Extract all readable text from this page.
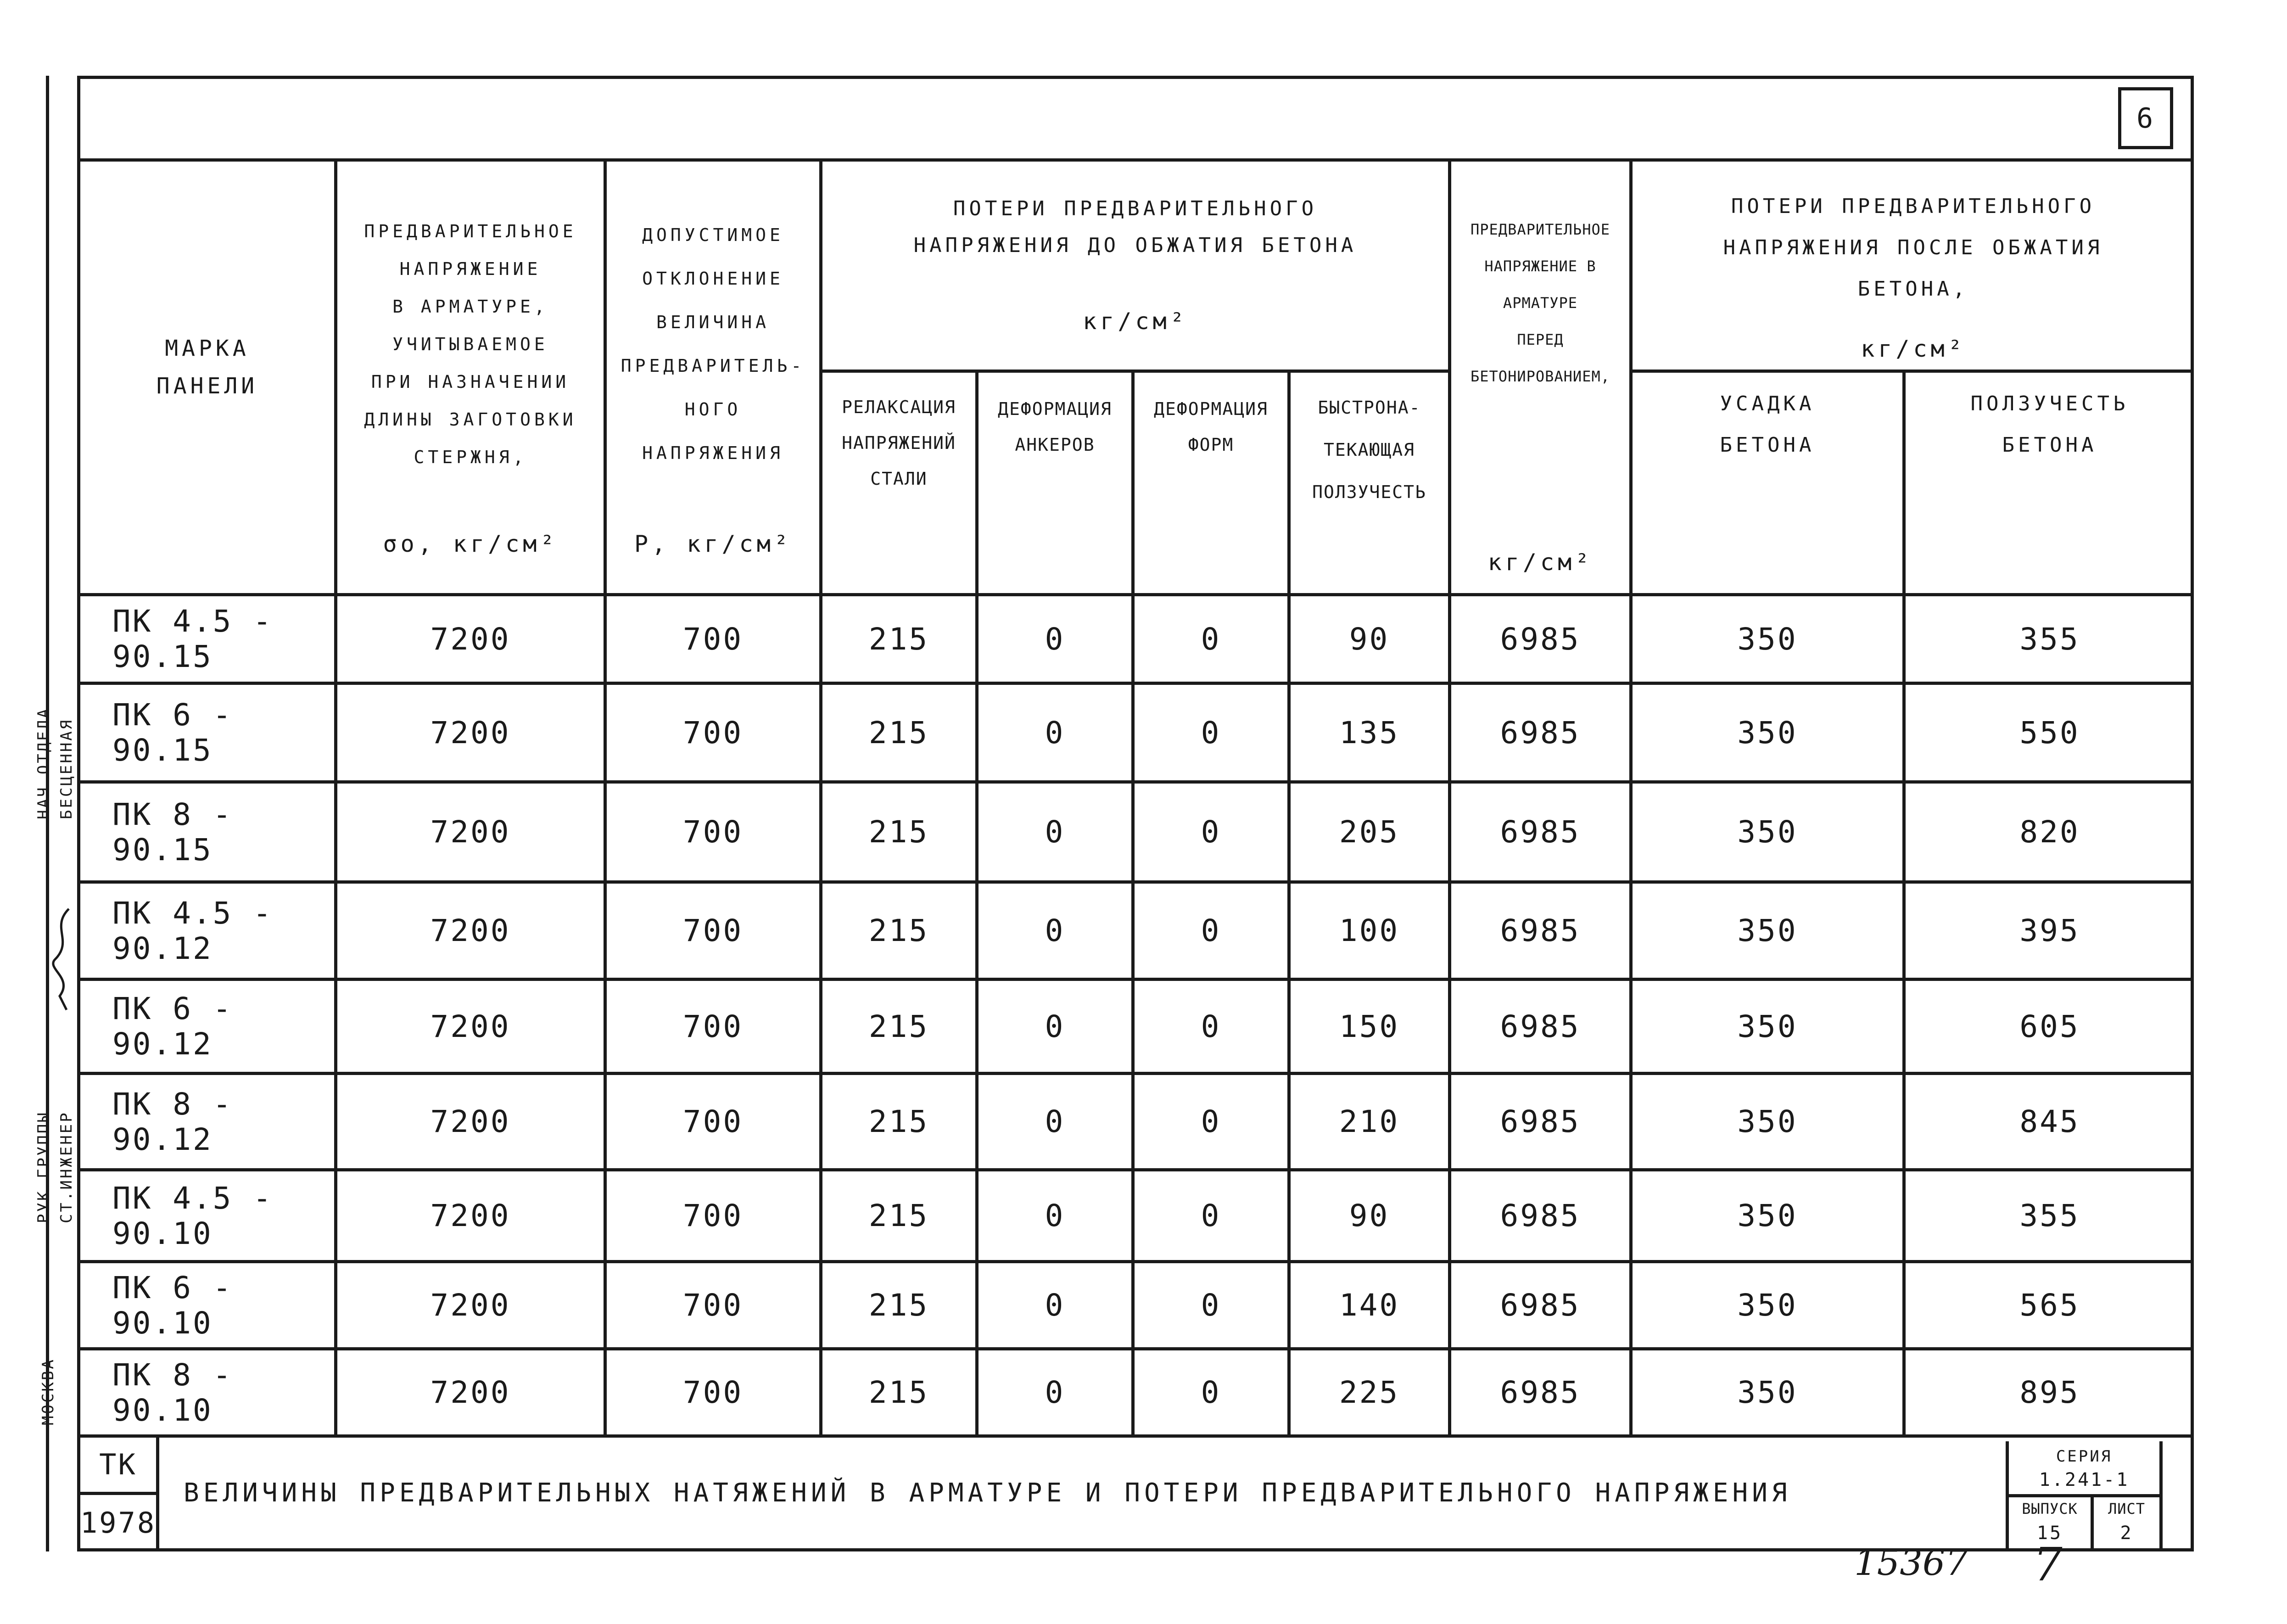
6
МАРКА
ПАНЕЛИ
ПРЕДВАРИТЕЛЬНОЕ
НАПРЯЖЕНИЕ
В АРМАТУРЕ,
УЧИТЫВАЕМОЕ
ПРИ НАЗНАЧЕНИИ
ДЛИНЫ ЗАГОТОВКИ
СТЕРЖНЯ,
σо, кг/см²
ДОПУСТИМОЕ
ОТКЛОНЕНИЕ
ВЕЛИЧИНА
ПРЕДВАРИТЕЛЬ-
НОГО
НАПРЯЖЕНИЯ
P, кг/см²
ПОТЕРИ ПРЕДВАРИТЕЛЬНОГО
НАПРЯЖЕНИЯ ДО ОБЖАТИЯ БЕТОНА
кг/см²
РЕЛАКСАЦИЯ
НАПРЯЖЕНИЙ
СТАЛИ
ДЕФОРМАЦИЯ
АНКЕРОВ
ДЕФОРМАЦИЯ
ФОРМ
БЫСТРОНА-
ТЕКАЮЩАЯ
ПОЛЗУЧЕСТЬ
ПРЕДВАРИТЕЛЬНОЕ
НАПРЯЖЕНИЕ В
АРМАТУРЕ
ПЕРЕД
БЕТОНИРОВАНИЕМ,
кг/см²
ПОТЕРИ ПРЕДВАРИТЕЛЬНОГО
НАПРЯЖЕНИЯ ПОСЛЕ ОБЖАТИЯ
БЕТОНА,
кг/см²
УСАДКА
БЕТОНА
ПОЛЗУЧЕСТЬ
БЕТОНА
ПК 4.5 - 90.15	7200	700	215	0	0	90	6985	350	355
ПК 6 - 90.15	7200	700	215	0	0	135	6985	350	550
ПК 8 - 90.15	7200	700	215	0	0	205	6985	350	820
ПК 4.5 - 90.12	7200	700	215	0	0	100	6985	350	395
ПК 6 - 90.12	7200	700	215	0	0	150	6985	350	605
ПК 8 - 90.12	7200	700	215	0	0	210	6985	350	845
ПК 4.5 - 90.10	7200	700	215	0	0	90	6985	350	355
ПК 6 - 90.10	7200	700	215	0	0	140	6985	350	565
ПК 8 - 90.10	7200	700	215	0	0	225	6985	350	895
ТК
1978
ВЕЛИЧИНЫ ПРЕДВАРИТЕЛЬНЫХ НАТЯЖЕНИЙ В АРМАТУРЕ И ПОТЕРИ ПРЕДВАРИТЕЛЬНОГО НАПРЯЖЕНИЯ
СЕРИЯ
1.241-1
ВЫПУСК
15
ЛИСТ
2
НАЧ.ОТДЕЛА БЕСЦЕННАЯ
РУК.ГРУППЫ СТ.ИНЖЕНЕР
МОСКВА
15367 7
